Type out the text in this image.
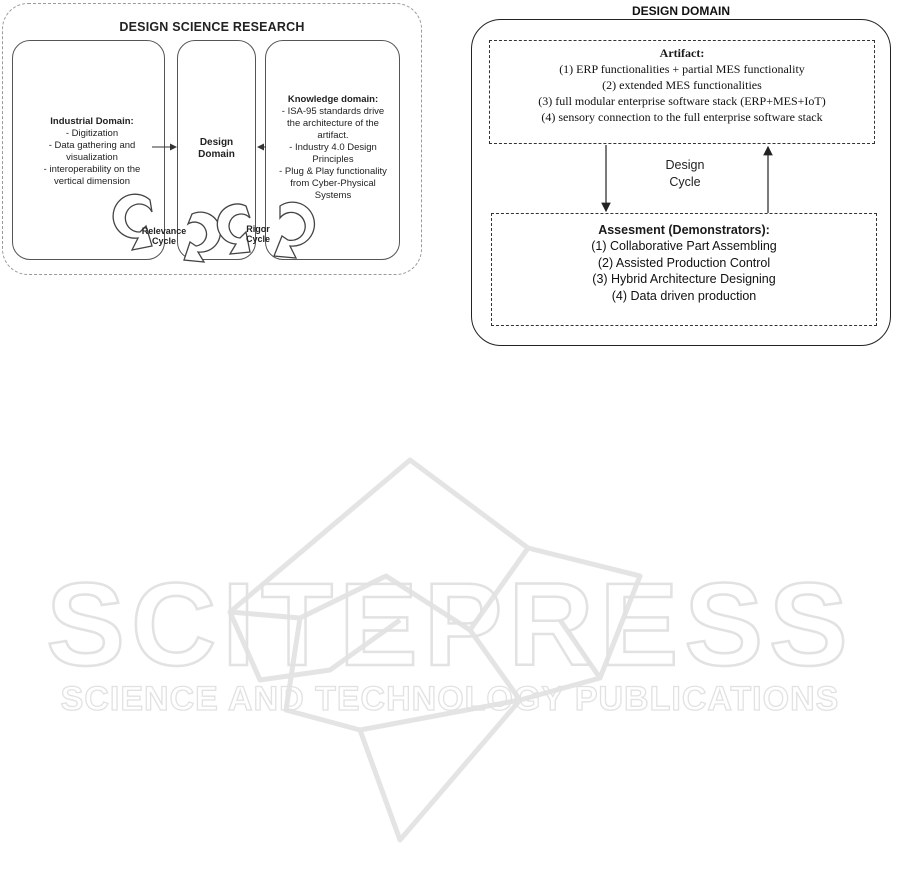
DESIGN SCIENCE RESEARCH
Industrial Domain:
- Digitization
- Data gathering and
visualization
- interoperability on the
vertical dimension
Design
Domain
Knowledge domain:
- ISA-95 standards drive
the architecture of the
artifact.
- Industry 4.0 Design
Principles
- Plug & Play functionality
from Cyber-Physical
Systems
Relevance
Cycle
Rigor
Cycle
DESIGN DOMAIN
Artifact:
(1) ERP functionalities + partial MES functionality
(2) extended MES functionalities
(3) full modular enterprise software stack (ERP+MES+IoT)
(4) sensory connection to the full enterprise software stack
Design
Cycle
Assesment (Demonstrators):
(1) Collaborative Part Assembling
(2) Assisted Production Control
(3) Hybrid Architecture Designing
(4) Data driven production
SCITEPRESS
SCIENCE AND TECHNOLOGY PUBLICATIONS
